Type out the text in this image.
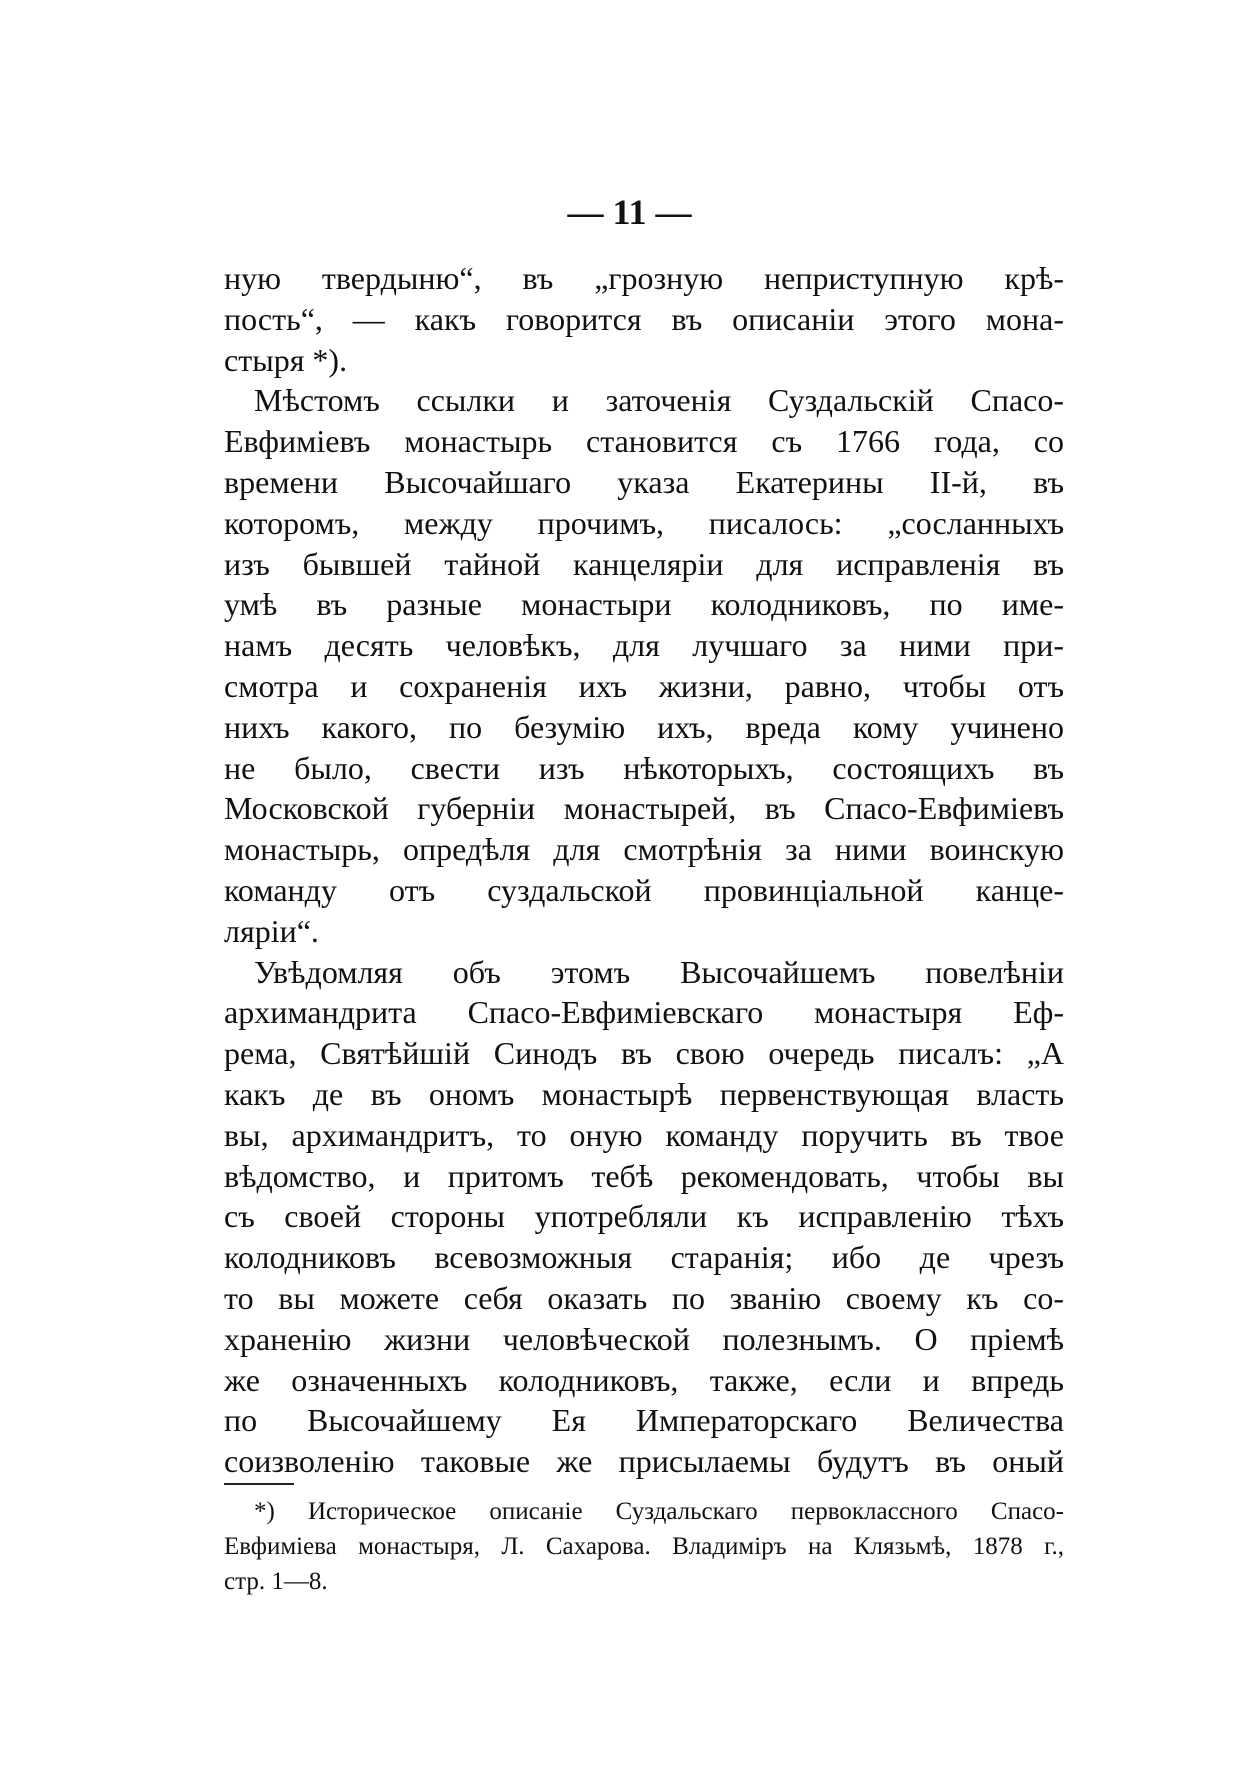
— 11 —
ную твердыню“, въ „грозную неприступную крѣ-
пость“, — какъ говорится въ описаніи этого мона-
стыря *).
Мѣстомъ ссылки и заточенія Суздальскій Спасо-
Евфиміевъ монастырь становится съ 1766 года, со
времени Высочайшаго указа Екатерины II-й, въ
которомъ, между прочимъ, писалось: „сосланныхъ
изъ бывшей тайной канцеляріи для исправленія въ
умѣ въ разные монастыри колодниковъ, по име-
намъ десять человѣкъ, для лучшаго за ними при-
смотра и сохраненія ихъ жизни, равно, чтобы отъ
нихъ какого, по безумію ихъ, вреда кому учинено
не было, свести изъ нѣкоторыхъ, состоящихъ въ
Московской губерніи монастырей, въ Спасо-Евфиміевъ
монастырь, опредѣля для смотрѣнія за ними воинскую
команду отъ суздальской провинціальной канце-
ляріи“.
Увѣдомляя объ этомъ Высочайшемъ повелѣніи
архимандрита Спасо-Евфиміевскаго монастыря Еф-
рема, Святѣйшій Синодъ въ свою очередь писалъ: „А
какъ де въ ономъ монастырѣ первенствующая власть
вы, архимандритъ, то оную команду поручить въ твое
вѣдомство, и притомъ тебѣ рекомендовать, чтобы вы
съ своей стороны употребляли къ исправленію тѣхъ
колодниковъ всевозможныя старанія; ибо де чрезъ
то вы можете себя оказать по званію своему къ со-
храненію жизни человѣческой полезнымъ. О пріемѣ
же означенныхъ колодниковъ, также, если и впредь
по Высочайшему Ея Императорскаго Величества
соизволенію таковые же присылаемы будутъ въ оный
*) Историческое описаніе Суздальскаго первоклассного Спасо-
Евфиміева монастыря, Л. Сахарова. Владиміръ на Клязьмѣ, 1878 г.,
стр. 1—8.
